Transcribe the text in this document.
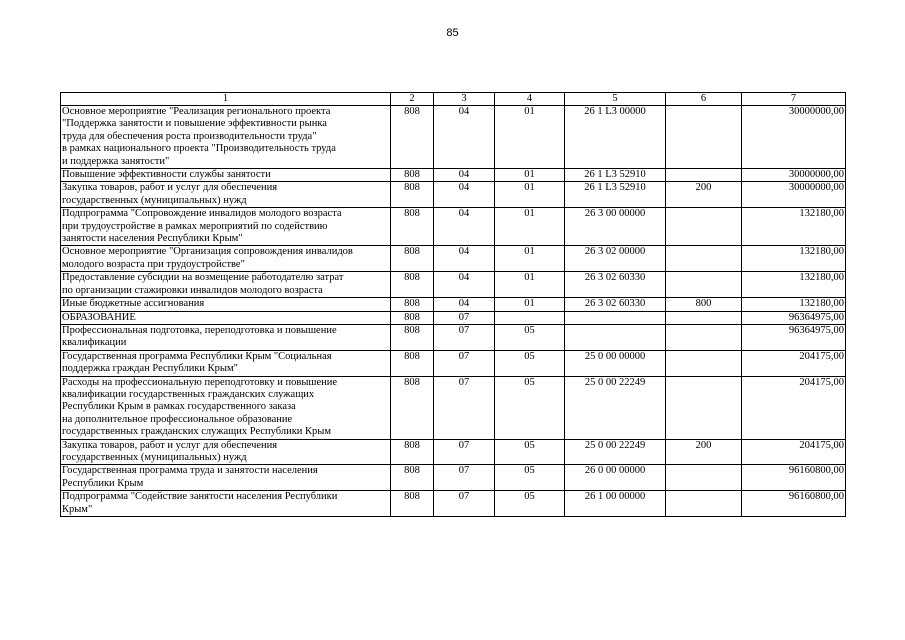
85
1	2	3	4	5	6	7

Основное мероприятие "Реализация регионального проекта
"Поддержка занятости и повышение эффективности рынка
труда для обеспечения роста производительности труда"
в рамках национального проекта "Производительность труда
и поддержка занятости"	808	04	01	26 1 L3 00000		30000000,00

Повышение эффективности службы занятости	808	04	01	26 1 L3 52910		30000000,00

Закупка товаров, работ и услуг для обеспечения
государственных (муниципальных) нужд	808	04	01	26 1 L3 52910	200	30000000,00

Подпрограмма "Сопровождение инвалидов молодого возраста
при трудоустройстве в рамках мероприятий по содействию
занятости населения Республики Крым"	808	04	01	26 3 00 00000		132180,00

Основное мероприятие "Организация сопровождения инвалидов
молодого возраста при трудоустройстве"	808	04	01	26 3 02 00000		132180,00

Предоставление субсидии на возмещение работодателю затрат
по организации стажировки инвалидов молодого возраста	808	04	01	26 3 02 60330		132180,00

Иные бюджетные ассигнования	808	04	01	26 3 02 60330	800	132180,00

ОБРАЗОВАНИЕ	808	07				96364975,00

Профессиональная подготовка, переподготовка и повышение
квалификации	808	07	05			96364975,00

Государственная программа Республики Крым "Социальная
поддержка граждан Республики Крым"	808	07	05	25 0 00 00000		204175,00

Расходы на профессиональную переподготовку и повышение
квалификации государственных гражданских служащих
Республики Крым в рамках государственного заказа
на дополнительное профессиональное образование
государственных гражданских служащих Республики Крым	808	07	05	25 0 00 22249		204175,00

Закупка товаров, работ и услуг для обеспечения
государственных (муниципальных) нужд	808	07	05	25 0 00 22249	200	204175,00

Государственная программа труда и занятости населения
Республики Крым	808	07	05	26 0 00 00000		96160800,00

Подпрограмма "Содействие занятости населения Республики
Крым"	808	07	05	26 1 00 00000		96160800,00
